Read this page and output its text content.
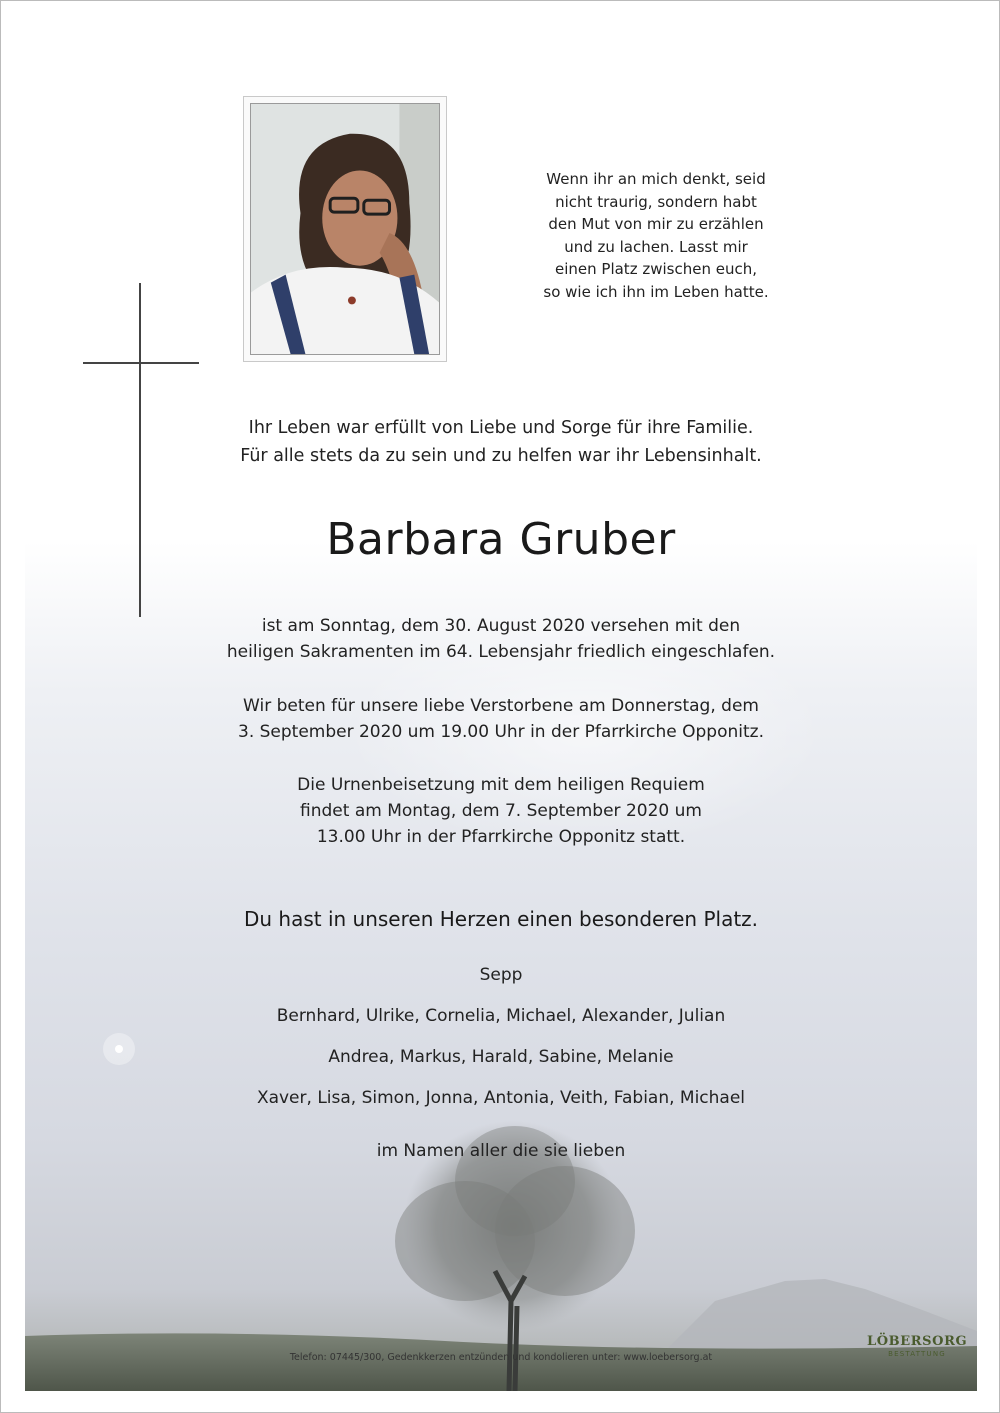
Wenn ihr an mich denkt, seid
nicht traurig, sondern habt
den Mut von mir zu erzählen
und zu lachen. Lasst mir
einen Platz zwischen euch,
so wie ich ihn im Leben hatte.
Ihr Leben war erfüllt von Liebe und Sorge für ihre Familie.
Für alle stets da zu sein und zu helfen war ihr Lebensinhalt.
Barbara Gruber
ist am Sonntag, dem 30. August 2020 versehen mit den
heiligen Sakramenten im 64. Lebensjahr friedlich eingeschlafen.
Wir beten für unsere liebe Verstorbene am Donnerstag, dem
3. September 2020 um 19.00 Uhr in der Pfarrkirche Opponitz.
Die Urnenbeisetzung mit dem heiligen Requiem
findet am Montag, dem 7. September 2020 um
13.00 Uhr in der Pfarrkirche Opponitz statt.
Du hast in unseren Herzen einen besonderen Platz.
Sepp
Bernhard, Ulrike, Cornelia, Michael, Alexander, Julian
Andrea, Markus, Harald, Sabine, Melanie
Xaver, Lisa, Simon, Jonna, Antonia, Veith, Fabian, Michael
im Namen aller die sie lieben
Telefon: 07445/300, Gedenkkerzen entzünden und kondolieren unter: www.loebersorg.at
LÖBERSORG
BESTATTUNG
